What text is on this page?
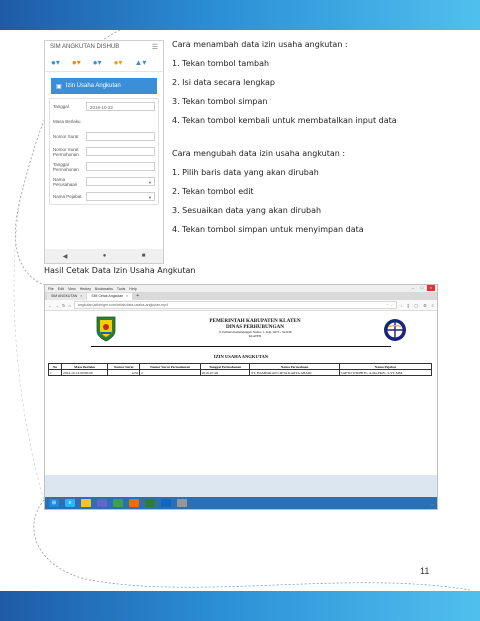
SIM ANGKUTAN DISHUB	☰
●▾ ●▾ ●▾ ●▾ ▲▾
▣ Izin Usaha Angkutan
Tanggal	2019-10-22
Masa Berlaku
Nomor Surat
Nomor Surat Permohonan
Tanggal Permohonan
Nama Perusahaan	▼
Nama Pejabat	▼
◀	●	■

Cara menambah data izin usaha angkutan :

1. Tekan tombol tambah
2. Isi data secara lengkap
3. Tekan tombol simpan
4. Tekan tombol kembali untuk membatalkan input data

Cara mengubah data izin usaha angkutan :

1. Pilih baris data yang akan dirubah
2. Tekan tombol edit
3. Sesuaikan data yang akan dirubah
4. Tekan tombol simpan untuk menyimpan data
Hasil Cetak Data Izin Usaha Angkutan
File Edit View History Bookmarks Tools Help	–	□	×
SIM ANGKUTAN ×	SIM Cetak Angkutan ×	+
← → ↻ ⌂ angkutan.jstkenger.com/cetak/data-usaha-angkutan.mp4	··· ☆	↓ ∥ ▢ ⚙ ≡
PEMERINTAH KABUPATEN KLATEN
DINAS PERHUBUNGAN
Jl. Pemuda Kamandungan Nomor 1, Telp. 0272 - 321048
KLATEN
IZIN USAHA ANGKUTAN
No	Masa Berlaku	Nomor Surat	Nomor Surat Permohonan	Tanggal Permohonan	Nama Perusahaan	Nama Pejabat
1	2024-10-16 00:00:00	1232	2	2019-07-09	PT. HAMPARAN CIPTA KARYA ABADI	SAPTO WIDHI H., A.Ma.PKB., S.ST.,MM.
⊞	e	···
11
